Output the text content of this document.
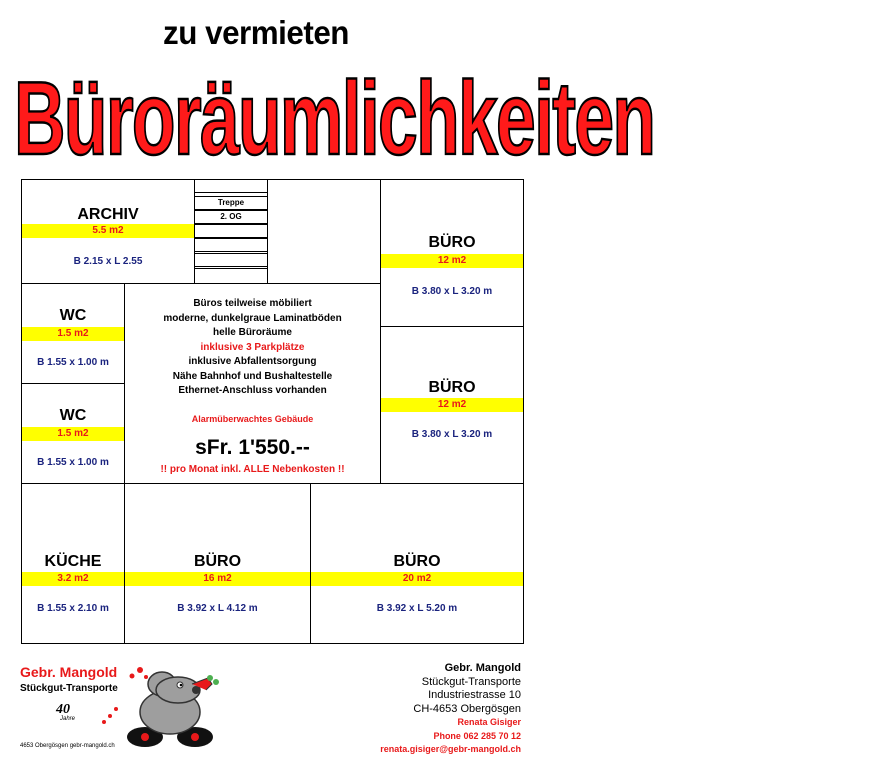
zu vermieten
Büroräumlichkeiten
ARCHIV
5.5 m2
B 2.15 x L 2.55
Treppe
2. OG
BÜRO
12 m2
B 3.80 x L 3.20 m
BÜRO
12 m2
B 3.80 x L 3.20 m
WC
1.5 m2
B 1.55 x 1.00 m
WC
1.5 m2
B 1.55 x 1.00 m
Büros teilweise möbiliert
moderne, dunkelgraue Laminatböden
helle Büroräume
inklusive 3 Parkplätze
inklusive Abfallentsorgung
Nähe Bahnhof und Bushaltestelle
Ethernet-Anschluss vorhanden
Alarmüberwachtes Gebäude
sFr. 1'550.--
!! pro Monat inkl. ALLE Nebenkosten !!
KÜCHE
3.2 m2
B 1.55 x 2.10 m
BÜRO
16 m2
B 3.92 x L 4.12 m
BÜRO
20 m2
B 3.92 x L 5.20 m
Gebr. Mangold
Stückgut-Transporte
40
Jahre
4653 Obergösgen gebr-mangold.ch
Gebr. Mangold
Stückgut-Transporte
Industriestrasse 10
CH-4653 Obergösgen
Renata Gisiger
Phone 062 285 70 12
renata.gisiger@gebr-mangold.ch
